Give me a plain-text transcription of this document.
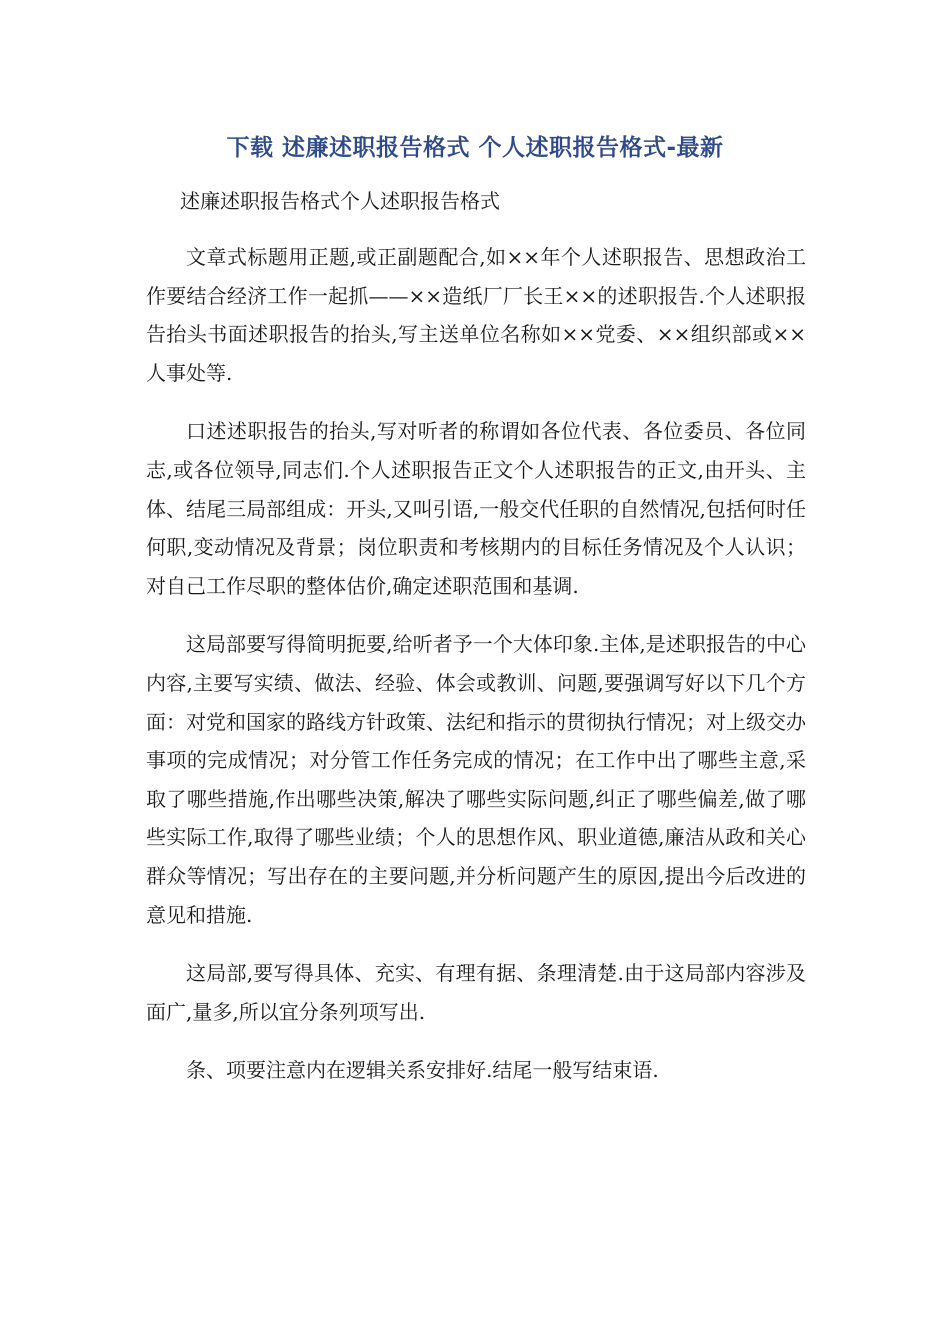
下载 述廉述职报告格式 个人述职报告格式-最新

述廉述职报告格式个人述职报告格式

文章式标题用正题,或正副题配合,如××年个人述职报告、思想政治工作要结合经济工作一起抓——××造纸厂厂长王××的述职报告.个人述职报告抬头书面述职报告的抬头,写主送单位名称如××党委、××组织部或××人事处等.

口述述职报告的抬头,写对听者的称谓如各位代表、各位委员、各位同志,或各位领导,同志们.个人述职报告正文个人述职报告的正文,由开头、主体、结尾三局部组成：开头,又叫引语,一般交代任职的自然情况,包括何时任何职,变动情况及背景；岗位职责和考核期内的目标任务情况及个人认识；对自己工作尽职的整体估价,确定述职范围和基调.

这局部要写得简明扼要,给听者予一个大体印象.主体,是述职报告的中心内容,主要写实绩、做法、经验、体会或教训、问题,要强调写好以下几个方面：对党和国家的路线方针政策、法纪和指示的贯彻执行情况；对上级交办事项的完成情况；对分管工作任务完成的情况；在工作中出了哪些主意,采取了哪些措施,作出哪些决策,解决了哪些实际问题,纠正了哪些偏差,做了哪些实际工作,取得了哪些业绩；个人的思想作风、职业道德,廉洁从政和关心群众等情况；写出存在的主要问题,并分析问题产生的原因,提出今后改进的意见和措施.

这局部,要写得具体、充实、有理有据、条理清楚.由于这局部内容涉及面广,量多,所以宜分条列项写出.

条、项要注意内在逻辑关系安排好.结尾一般写结束语.
